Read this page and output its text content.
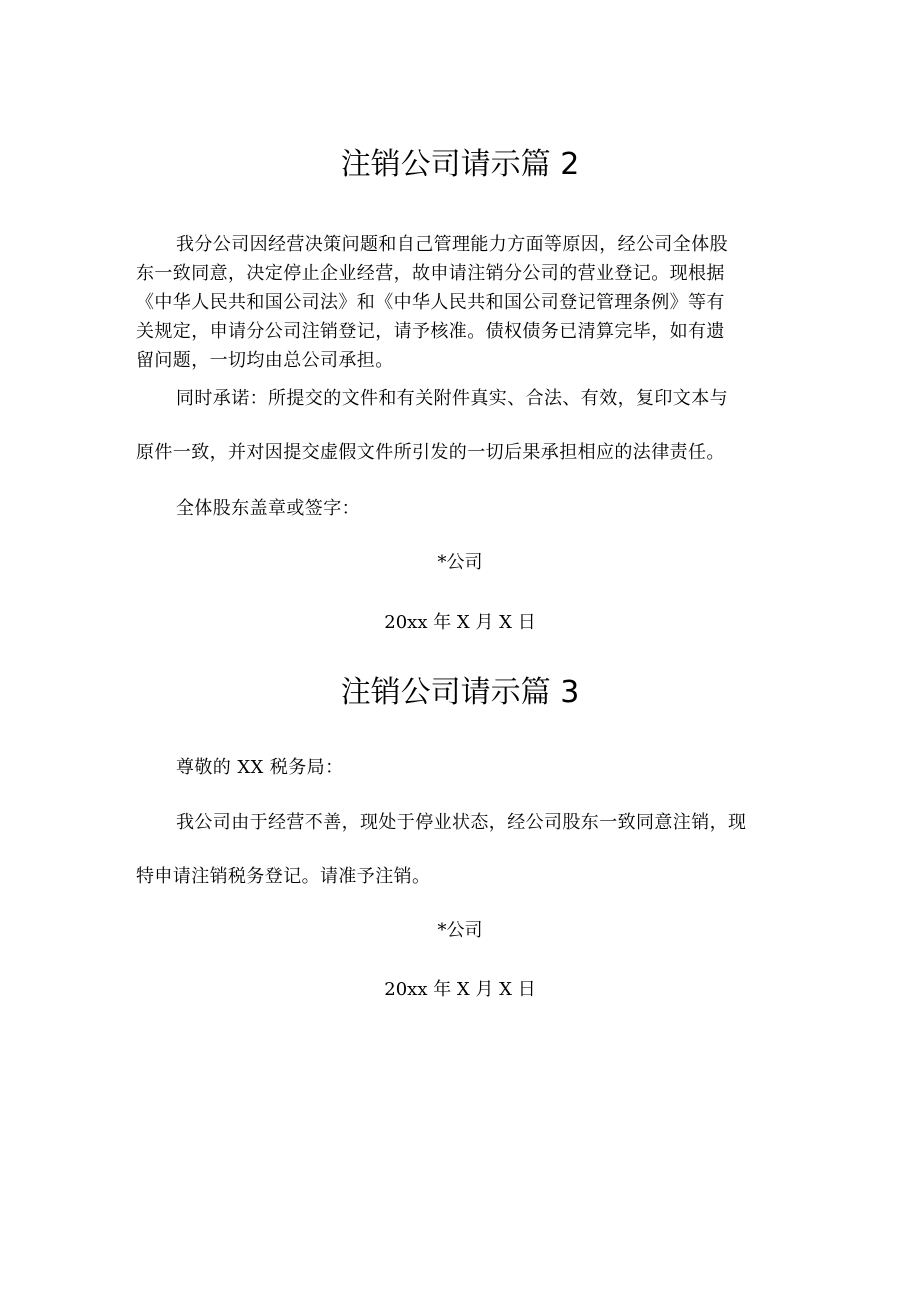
注销公司请示篇 2
我分公司因经营决策问题和自己管理能力方面等原因，经公司全体股
东一致同意，决定停止企业经营，故申请注销分公司的营业登记。现根据
《中华人民共和国公司法》和《中华人民共和国公司登记管理条例》等有
关规定，申请分公司注销登记，请予核准。债权债务已清算完毕，如有遗
留问题，一切均由总公司承担。
同时承诺：所提交的文件和有关附件真实、合法、有效，复印文本与
原件一致，并对因提交虚假文件所引发的一切后果承担相应的法律责任。
全体股东盖章或签字：
*公司
20xx 年 X 月 X 日
注销公司请示篇 3
尊敬的 XX 税务局：
我公司由于经营不善，现处于停业状态，经公司股东一致同意注销，现
特申请注销税务登记。请准予注销。
*公司
20xx 年 X 月 X 日
